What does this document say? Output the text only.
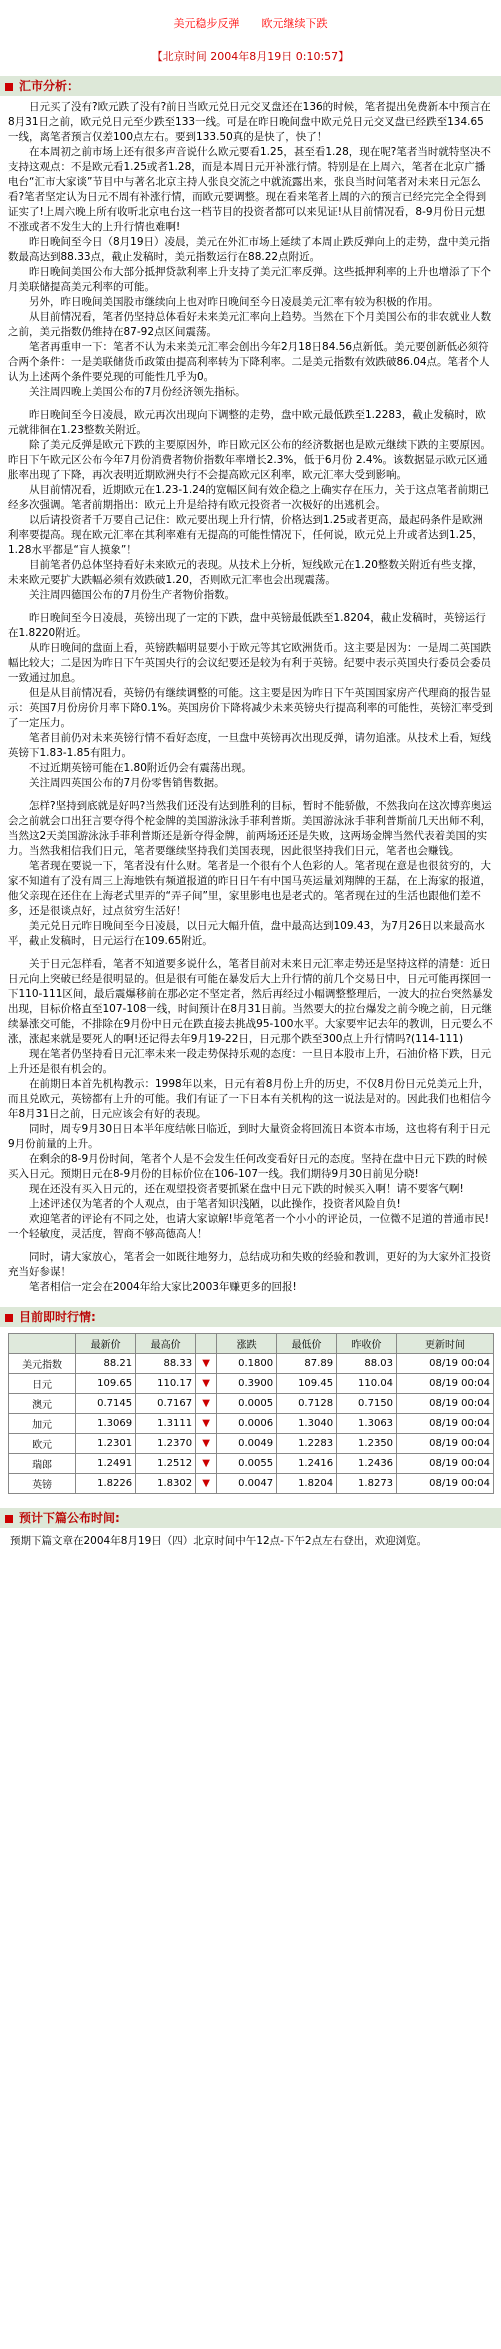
美元稳步反弹　　欧元继续下跌
【北京时间 2004年8月19日 0:10:57】
汇市分析：

日元买了没有?欧元跌了没有?前日当欧元兑日元交叉盘还在136的时候，笔者提出免费新本中预言在8月31日之前，欧元兑日元至少跌至133一线。可是在昨日晚间盘中欧元兑日元交叉盘已经跌至134.65一线，离笔者预言仅差100点左右。要到133.50真的是快了，快了！

在本周初之前市场上还有很多声音说什么欧元要看1.25，甚至看1.28，现在呢?笔者当时就特坚决不支持这观点：不是欧元看1.25或者1.28，而是本周日元开补涨行情。特别是在上周六，笔者在北京广播电台“汇市大家谈”节目中与著名北京主持人张良交流之中就流露出来，张良当时问笔者对未来日元怎么看?笔者坚定认为日元不周有补涨行情，而欧元要调整。现在看来笔者上周的六的预言已经完完全全得到证实了!上周六晚上所有收听北京电台这一档节目的投资者都可以来见证!从目前情况看，8-9月份日元想不涨或者不发生大的上升行情也难啊!

昨日晚间至今日（8月19日）凌晨，美元在外汇市场上延续了本周止跌反弹向上的走势，盘中美元指数最高达到88.33点，截止发稿时，美元指数运行在88.22点附近。

昨日晚间美国公布大部分抵押贷款利率上升支持了美元汇率反弹。这些抵押利率的上升也增添了下个月美联储提高美元利率的可能。

另外，昨日晚间美国股市继续向上也对昨日晚间至今日凌晨美元汇率有较为积极的作用。

从目前情况看，笔者仍坚持总体看好未来美元汇率向上趋势。当然在下个月美国公布的非农就业人数之前，美元指数仍维持在87-92点区间震荡。

笔者再重申一下：笔者不认为未来美元汇率会创出今年2月18日84.56点新低。美元要创新低必须符合两个条件：一是美联储货币政策由提高利率转为下降利率。二是美元指数有效跌破86.04点。笔者个人认为上述两个条件要兑现的可能性几乎为0。

关注周四晚上美国公布的7月份经济领先指标。

昨日晚间至今日凌晨，欧元再次出现向下调整的走势，盘中欧元最低跌至1.2283，截止发稿时，欧元就徘徊在1.23整数关附近。

除了美元反弹是欧元下跌的主要原因外，昨日欧元区公布的经济数据也是欧元继续下跌的主要原因。昨日下午欧元区公布今年7月份消费者物价指数年率增长2.3%，低于6月份 2.4%。该数据显示欧元区通胀率出现了下降，再次表明近期欧洲央行不会提高欧元区利率，欧元汇率大受到影响。

从目前情况看，近期欧元在1.23-1.24的宽幅区间有效企稳之上确实存在压力，关于这点笔者前期已经多次强调。笔者前期指出：欧元上升是给持有欧元投资者一次极好的出逃机会。

以后请投资者千万要自己记住：欧元要出现上升行情，价格达到1.25或者更高，最起码条件是欧洲利率要提高。现在欧元汇率在其利率难有无提高的可能性情况下，任何说，欧元兑上升或者达到1.25，1.28水平都是“盲人摸象”！

目前笔者仍总体坚持看好未来欧元的表现。从技术上分析，短线欧元在1.20整数关附近有些支撑，未来欧元要扩大跌幅必须有效跌破1.20，否则欧元汇率也会出现震荡。

关注周四德国公布的7月份生产者物价指数。

昨日晚间至今日凌晨，英镑出现了一定的下跌，盘中英镑最低跌至1.8204，截止发稿时，英镑运行在1.8220附近。

从昨日晚间的盘面上看，英镑跌幅明显要小于欧元等其它欧洲货币。这主要是因为：一是周二英国跌幅比较大；二是因为昨日下午英国央行的会议纪要还是较为有利于英镑。纪要中表示英国央行委员会委员一致通过加息。

但是从目前情况看，英镑仍有继续调整的可能。这主要是因为昨日下午英国国家房产代理商的报告显示：英国7月份房价月率下降0.1%。英国房价下降将减少未来英镑央行提高利率的可能性，英镑汇率受到了一定压力。

笔者目前仍对未来英镑行情不看好态度，一旦盘中英镑再次出现反弹，请勿追涨。从技术上看，短线英镑下1.83-1.85有阻力。

不过近期英镑可能在1.80附近仍会有震荡出现。

关注周四英国公布的7月份零售销售数据。

怎样?坚持到底就是好吗?当然我们还没有达到胜利的目标，暂时不能骄傲，不然我向在这次博弈奥运会之前就会口出狂言要夺得个柁金牌的美国游泳泳手菲利普斯。美国游泳泳手菲利普斯前几天出师不利，当然这2天美国游泳泳手菲利普斯还是新夺得金牌，前两场还还是失败，这两场金牌当然代表着美国的实力。当然我相信我们日元，笔者要继续坚持我们美国表现，因此很坚持我们日元，笔者也会赚钱。

笔者现在要说一下，笔者没有什么财。笔者是一个很有个人色彩的人。笔者现在意是也很贫穷的，大家不知道有了没有周三上海地铁有频道报道的昨日日午有中国马英运量刘翔牌的王磊，在上海家的报道，他父亲现在还住在上海老式里弄的“弄子间”里，家里影电也是老式的。笔者现在过的生活也跟他们差不多，还是很谈点好，过点贫穷生活好！

美元兑日元昨日晚间至今日凌晨，以日元大幅升值，盘中最高达到109.43，为7月26日以来最高水平，截止发稿时，日元运行在109.65附近。

关于日元怎样看，笔者不知道要多说什么，笔者目前对未来日元汇率走势还是坚持这样的清楚：近日日元向上突破已经是很明显的。但是很有可能在暴发后大上升行情的前几个交易日中，日元可能再探回一下110-111区间，最后震爆移前在那必定不坚定者，然后再经过小幅调整整理后，一波大的拉台突然暴发出现，目标价格直至107-108一线，时间预计在8月31日前。当然要大的拉台爆发之前今晚之前，日元继续暴涨交可能，不排除在9月份中日元在跌直接去挑战95-100水平。大家要牢记去年的教训，日元要么不涨，涨起来就是要死人的啊!还记得去年9月19-22日，日元那个跌至300点上升行情吗?(114-111)

现在笔者仍坚持看日元汇率未来一段走势保持乐观的态度：一旦日本股市上升，石油价格下跌，日元上升还是很有机会的。

在前期日本首先机构教示：1998年以来，日元有着8月份上升的历史，不仅8月份日元兑美元上升，而且兑欧元，英镑都有上升的可能。我们有证了一下日本有关机构的这一说法是对的。因此我们也相信今年8月31日之前，日元应该会有好的表现。

同时，周专9月30日日本半年度结帐日临近，到时大量资金将回流日本资本市场，这也将有利于日元9月份前量的上升。

在剩余的8-9月份时间，笔者个人是不会发生任何改变看好日元的态度。坚持在盘中日元下跌的时候买入日元。预期日元在8-9月份的目标价位在106-107一线。我们期待9月30日前见分晓!

现在还没有买入日元的，还在观望投资者要抓紧在盘中日元下跌的时候买入啊！请不要客气啊!

上述评述仅为笔者的个人观点，由于笔者知识浅陋，以此操作，投资者风险自负!

欢迎笔者的评论有不同之处，也请大家谅解!毕竟笔者一个小小的评论员，一位微不足道的普通市民!一个轻敏度，灵活度，智商不够高德高人！

同时，请大家放心，笔者会一如既往地努力，总结成功和失败的经验和教训，更好的为大家外汇投资充当好参谋！

笔者相信一定会在2004年给大家比2003年赚更多的回报!

目前即时行情:
	最新价	最高价		涨跌	最低价	昨收价	更新时间
美元指数	88.21	88.33	▼	0.1800	87.89	88.03	08/19 00:04
日元	109.65	110.17	▼	0.3900	109.45	110.04	08/19 00:04
澳元	0.7145	0.7167	▼	0.0005	0.7128	0.7150	08/19 00:04
加元	1.3069	1.3111	▼	0.0006	1.3040	1.3063	08/19 00:04
欧元	1.2301	1.2370	▼	0.0049	1.2283	1.2350	08/19 00:04
瑞郎	1.2491	1.2512	▼	0.0055	1.2416	1.2436	08/19 00:04
英镑	1.8226	1.8302	▼	0.0047	1.8204	1.8273	08/19 00:04
预计下篇公布时间:
预期下篇文章在2004年8月19日（四）北京时间中午12点-下午2点左右登出，欢迎浏览。
